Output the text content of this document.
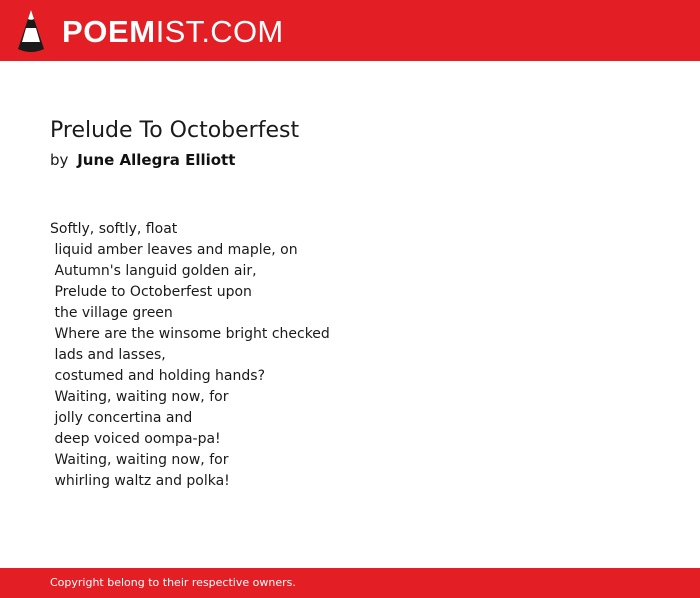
POEMIST.COM
Prelude To Octoberfest

by June Allegra Elliott

Softly, softly, float
liquid amber leaves and maple, on
Autumn's languid golden air,
Prelude to Octoberfest upon
the village green
Where are the winsome bright checked
lads and lasses,
costumed and holding hands?
Waiting, waiting now, for
jolly concertina and
deep voiced oompa-pa!
Waiting, waiting now, for
whirling waltz and polka!
Copyright belong to their respective owners.
